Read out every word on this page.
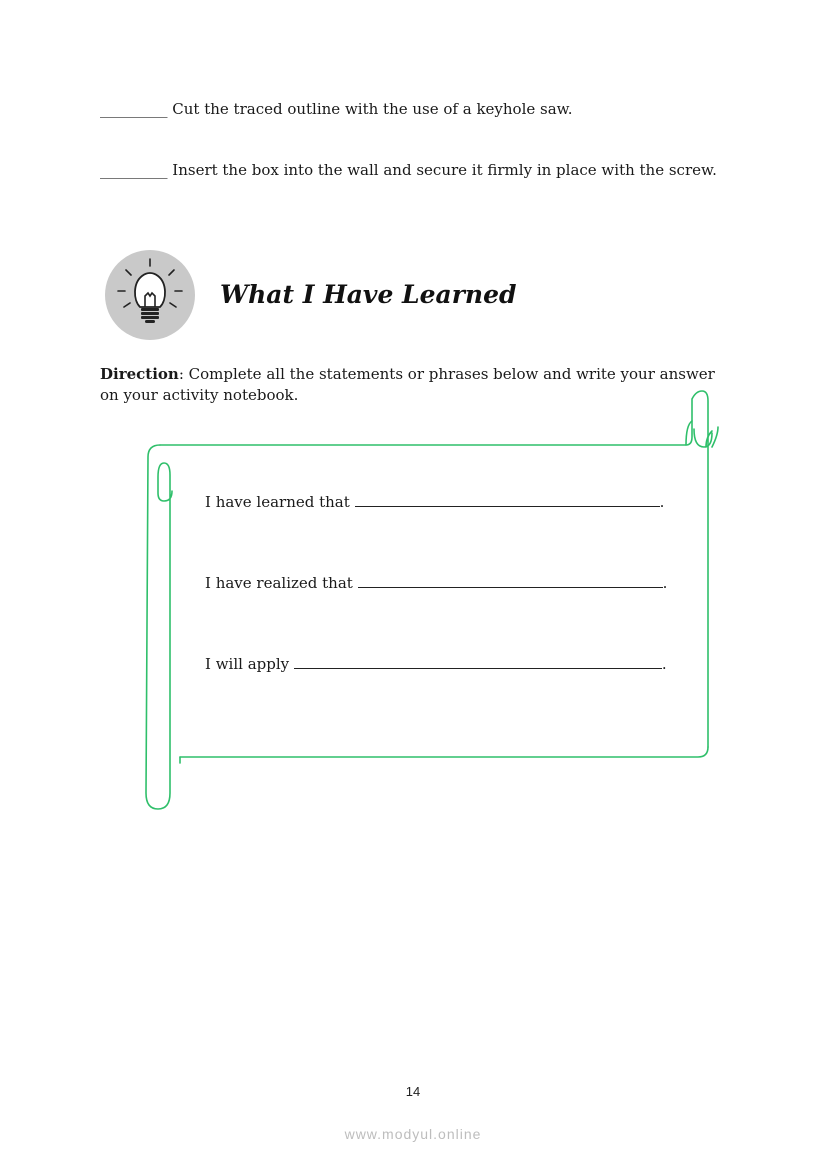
_________ Cut the traced outline with the use of a keyhole saw.
_________ Insert the box into the wall and secure it firmly in place with the screw.
What I Have Learned

Direction: Complete all the statements or phrases below and write your answer on your activity notebook.

I have learned that	.
I have realized that	.
I will apply	.
14
www.modyul.online
